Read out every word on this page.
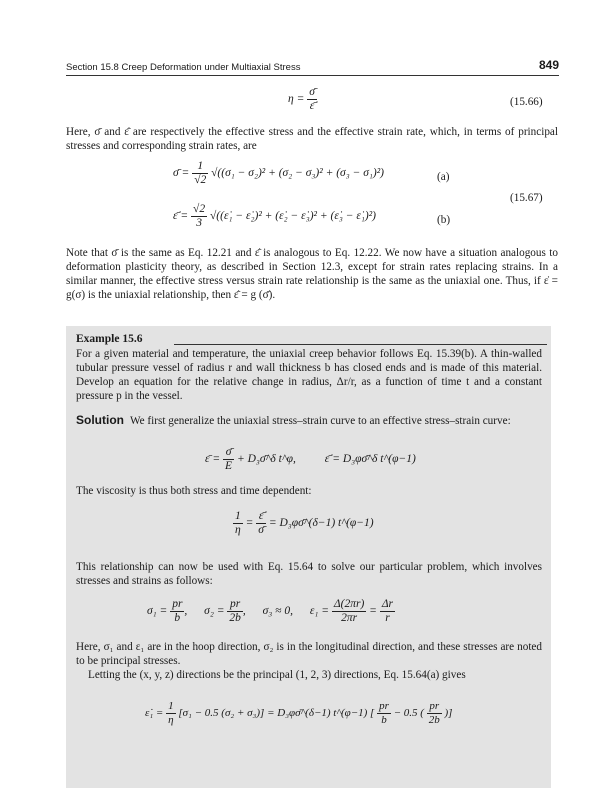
Section 15.8 Creep Deformation under Multiaxial Stress	849
$\eta = \frac{\sigmā}{\varepsilon̄̇}$	(15.66)

Here, σ̄ and ε̄̇ are respectively the effective stress and the effective strain rate, which, in terms of principal stresses and corresponding strain rates, are

σ̄ = $\frac{1}{√2} √((\sigma_1 - \sigma_2)^2 + (\sigma_2 - \sigma_3)^2 + (\sigma_3 - \sigma_1)^2)$	(a)
(15.67)
ε̄̇ = $\frac{√2}{3}$ √((ε̇₁ − ε̇₂)² + (ε̇₂ − ε̇₃)² + (ε̇₃ − ε̇₁)²)	(b)

Note that σ̄ is the same as Eq. 12.21 and ε̄̇ is analogous to Eq. 12.22. We now have a situation analogous to deformation plasticity theory, as described in Section 12.3, except for strain rates replacing strains. In a similar manner, the effective stress versus strain rate relationship is the same as the uniaxial one. Thus, if ε̇ = g(σ) is the uniaxial relationship, then ε̄̇ = g (σ̄).

Example 15.6

For a given material and temperature, the uniaxial creep behavior follows Eq. 15.39(b). A thin-walled tubular pressure vessel of radius r and wall thickness b has closed ends and is made of this material. Develop an equation for the relative change in radius, Δr/r, as a function of time t and a constant pressure p in the vessel.

Solution We first generalize the uniaxial stress–strain curve to an effective stress–strain curve:

ε̄ = $\frac{\sigmā}{E}$ + D₃σ̄^δ t^φ,	ε̄̇ = D₃φσ̄^δ t^(φ−1)

The viscosity is thus both stress and time dependent:

$\frac{1}{\eta} = \frac{\varepsilon̄̇}{\sigmā}$ = D₃φσ̄^(δ−1) t^(φ−1)

This relationship can now be used with Eq. 15.64 to solve our particular problem, which involves stresses and strains as follows:

$\sigma_1 = \frac{pr}{b}$ , $\sigma_2 = \frac{pr}{2b}$ , σ₃ ≈ 0, $\varepsilon_1 = \frac{\Delta(2\pi r)}{2\pi r} = \frac{\Delta r}{r}$

Here, σ₁ and ε₁ are in the hoop direction, σ₂ is in the longitudinal direction, and these stresses are noted to be principal stresses.

Letting the (x, y, z) directions be the principal (1, 2, 3) directions, Eq. 15.64(a) gives

ε̇₁ = $\frac{1}{\eta} [\sigma_1 - 0.5$ (σ₂ + σ₃)] = D₃φσ̄^(δ−1) t^(φ−1) [ $\frac{pr}{b} - 0.5$ ( $\frac{pr}{2b}$ )]
